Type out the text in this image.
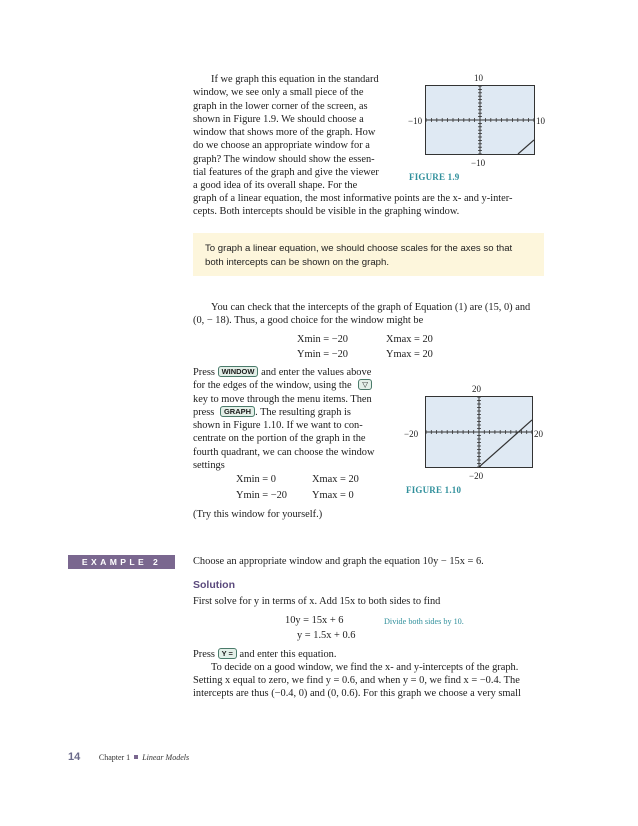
If we graph this equation in the standard
window, we see only a small piece of the
graph in the lower corner of the screen, as
shown in Figure 1.9. We should choose a
window that shows more of the graph. How
do we choose an appropriate window for a
graph? The window should show the essen-
tial features of the graph and give the viewer
a good idea of its overall shape. For the
graph of a linear equation, the most informative points are the x- and y-inter-
cepts. Both intercepts should be visible in the graphing window.
10
−10	10
−10
FIGURE 1.9
To graph a linear equation, we should choose scales for the axes so that
both intercepts can be shown on the graph.
You can check that the intercepts of the graph of Equation (1) are (15, 0) and
(0, − 18). Thus, a good choice for the window might be
Xmin = −20	Xmax = 20
Ymin = −20	Ymax = 20
Press WINDOW and enter the values above
for the edges of the window, using the ▽
key to move through the menu items. Then
press GRAPH . The resulting graph is
shown in Figure 1.10. If we want to con-
centrate on the portion of the graph in the
fourth quadrant, we can choose the window
settings
Xmin = 0	Xmax = 20
Ymin = −20 Ymax = 0
(Try this window for yourself.)
20
−20	20
−20
FIGURE 1.10
EXAMPLE 2	Choose an appropriate window and graph the equation 10y − 15x = 6.
Solution
First solve for y in terms of x. Add 15x to both sides to find
10y = 15x + 6	Divide both sides by 10.
y = 1.5x + 0.6
Press Y = and enter this equation.
To decide on a good window, we find the x- and y-intercepts of the graph.
Setting x equal to zero, we find y = 0.6, and when y = 0, we find x = −0.4. The
intercepts are thus (−0.4, 0) and (0, 0.6). For this graph we choose a very small
14 Chapter 1 Linear Models
